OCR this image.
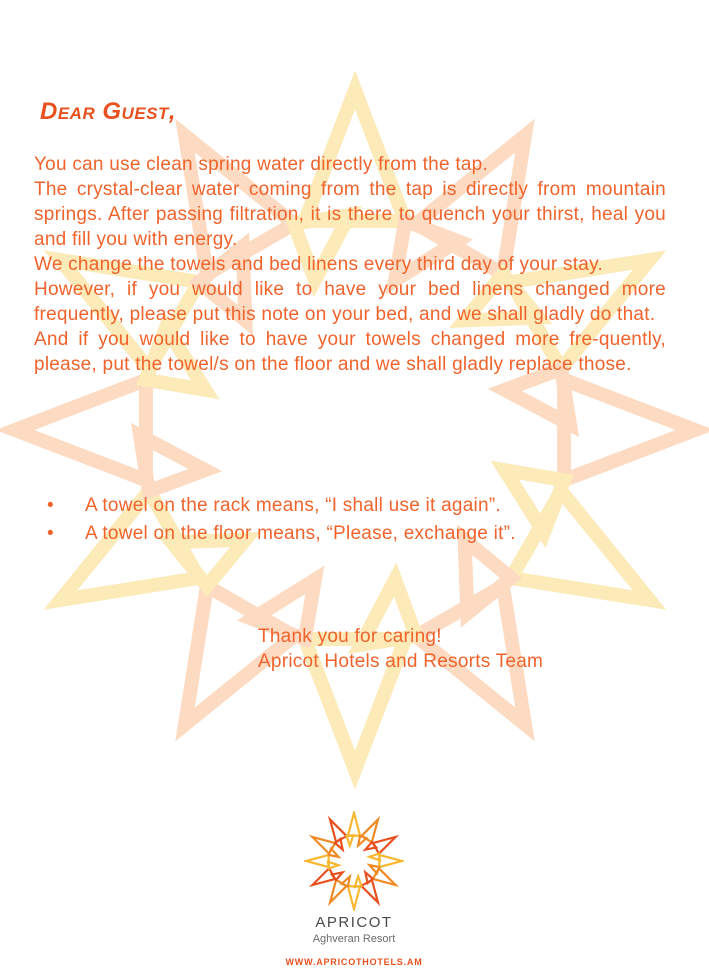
Dear Guest,

You can use clean spring water directly from the tap.

The crystal-clear water coming from the tap is directly from mountain springs. After passing filtration, it is there to quench your thirst, heal you and fill you with energy.

We change the towels and bed linens every third day of your stay.

However, if you would like to have your bed linens changed more frequently, please put this note on your bed, and we shall gladly do that.

And if you would like to have your towels changed more fre-quently, please, put the towel/s on the floor and we shall gladly replace those.

• A towel on the rack means, “I shall use it again”.
• A towel on the floor means, “Please, exchange it”.
Thank you for caring!
Apricot Hotels and Resorts Team
APRICOT
Aghveran Resort
WWW.APRICOTHOTELS.AM
